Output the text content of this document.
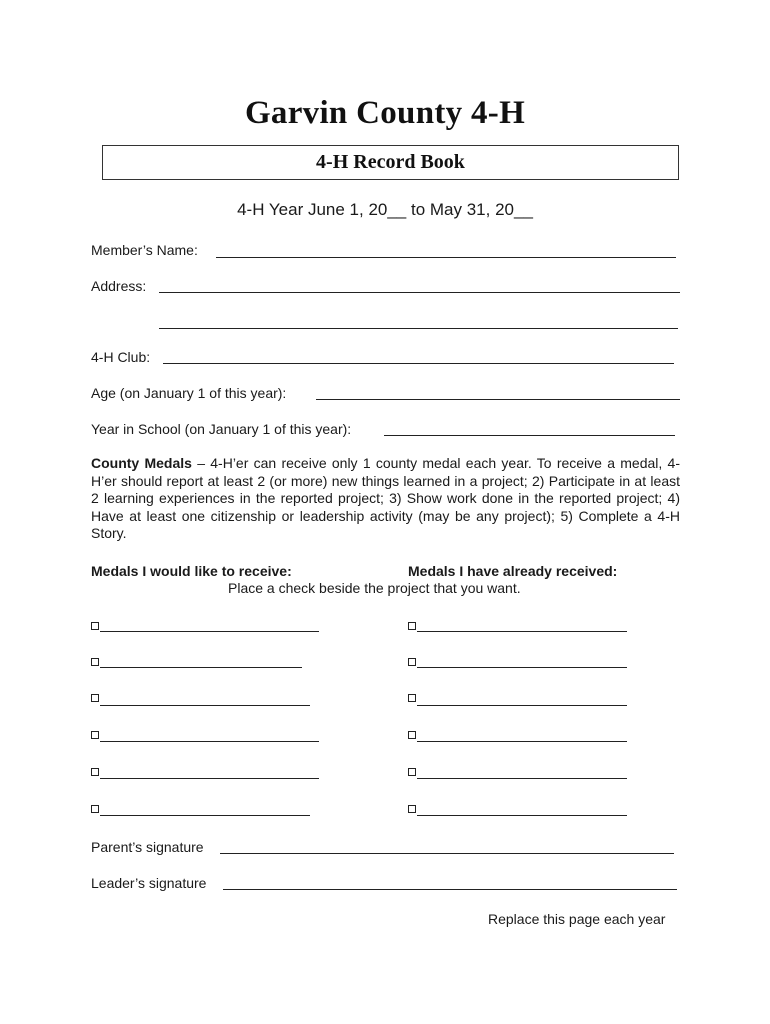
Garvin County 4-H
4-H Record Book
4-H Year June 1, 20__ to May 31, 20__
Member’s Name:
Address:
4-H Club:
Age (on January 1 of this year):
Year in School (on January 1 of this year):
County Medals – 4-H’er can receive only 1 county medal each year. To receive a medal, 4-H’er should report at least 2 (or more) new things learned in a project; 2) Participate in at least 2 learning experiences in the reported project; 3) Show work done in the reported project; 4) Have at least one citizenship or leadership activity (may be any project); 5) Complete a 4-H Story.
Medals I would like to receive:	Medals I have already received:
Place a check beside the project that you want.
Parent’s signature
Leader’s signature
Replace this page each year
